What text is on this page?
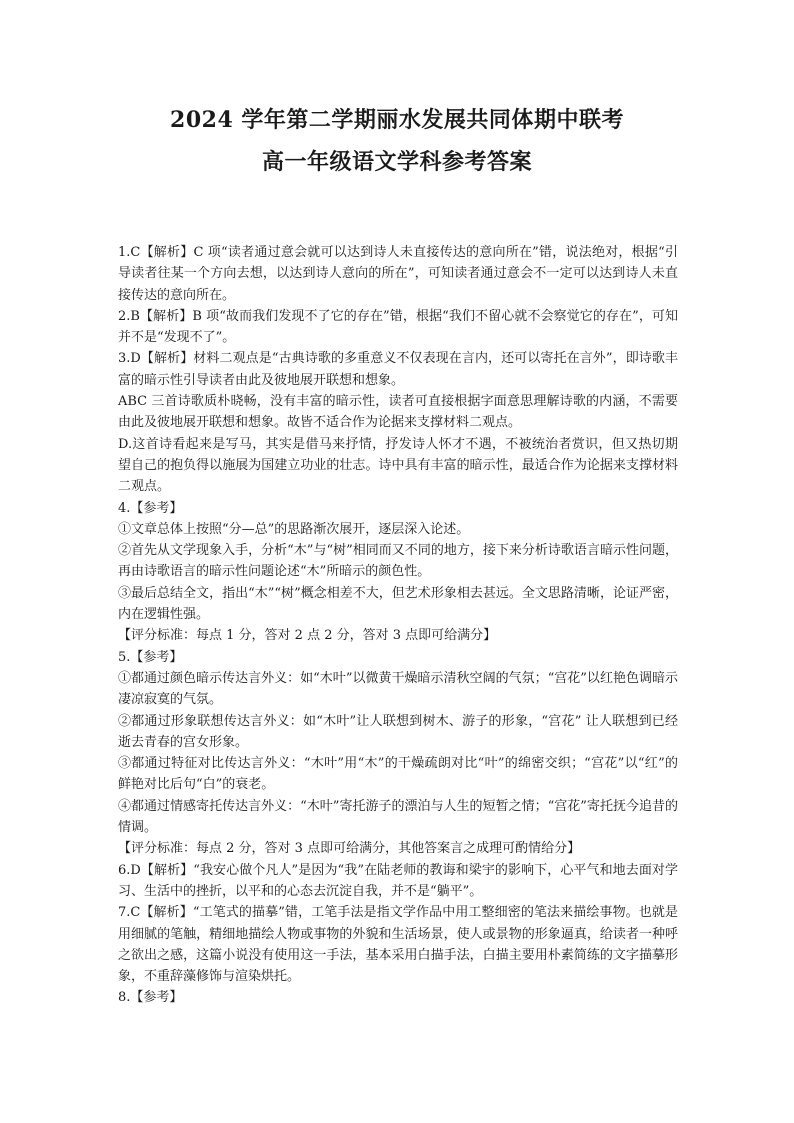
2024 学年第二学期丽水发展共同体期中联考
高一年级语文学科参考答案

1.C【解析】C 项“读者通过意会就可以达到诗人未直接传达的意向所在”错，说法绝对，根据“引导读者往某一个方向去想，以达到诗人意向的所在”，可知读者通过意会不一定可以达到诗人未直接传达的意向所在。

2.B【解析】B 项“故而我们发现不了它的存在”错，根据“我们不留心就不会察觉它的存在”，可知并不是“发现不了”。

3.D【解析】材料二观点是“古典诗歌的多重意义不仅表现在言内，还可以寄托在言外”，即诗歌丰富的暗示性引导读者由此及彼地展开联想和想象。

ABC 三首诗歌质朴晓畅，没有丰富的暗示性，读者可直接根据字面意思理解诗歌的内涵，不需要由此及彼地展开联想和想象。故皆不适合作为论据来支撑材料二观点。

D.这首诗看起来是写马，其实是借马来抒情，抒发诗人怀才不遇，不被统治者赏识，但又热切期望自己的抱负得以施展为国建立功业的壮志。诗中具有丰富的暗示性，最适合作为论据来支撑材料二观点。

4.【参考】

①文章总体上按照“分—总”的思路渐次展开，逐层深入论述。

②首先从文学现象入手，分析“木”与“树”相同而又不同的地方，接下来分析诗歌语言暗示性问题，再由诗歌语言的暗示性问题论述“木”所暗示的颜色性。

③最后总结全文，指出“木”“树”概念相差不大，但艺术形象相去甚远。全文思路清晰，论证严密，内在逻辑性强。

【评分标准：每点 1 分，答对 2 点 2 分，答对 3 点即可给满分】

5.【参考】

①都通过颜色暗示传达言外义：如“木叶”以微黄干燥暗示清秋空阔的气氛；“宫花”以红艳色调暗示凄凉寂寞的气氛。

②都通过形象联想传达言外义：如“木叶”让人联想到树木、游子的形象，“宫花” 让人联想到已经逝去青春的宫女形象。

③都通过特征对比传达言外义：“木叶”用“木”的干燥疏朗对比“叶”的绵密交织；“宫花”以“红”的鲜艳对比后句“白”的衰老。

④都通过情感寄托传达言外义：“木叶”寄托游子的漂泊与人生的短暂之情；“宫花”寄托抚今追昔的情调。

【评分标准：每点 2 分，答对 3 点即可给满分，其他答案言之成理可酌情给分】

6.D【解析】“我安心做个凡人”是因为“我”在陆老师的教诲和梁宇的影响下，心平气和地去面对学习、生活中的挫折，以平和的心态去沉淀自我，并不是“躺平”。

7.C【解析】“工笔式的描摹”错，工笔手法是指文学作品中用工整细密的笔法来描绘事物。也就是用细腻的笔触，精细地描绘人物或事物的外貌和生活场景，使人或景物的形象逼真，给读者一种呼之欲出之感，这篇小说没有使用这一手法，基本采用白描手法，白描主要用朴素简练的文字描摹形象，不重辞藻修饰与渲染烘托。

8.【参考】
